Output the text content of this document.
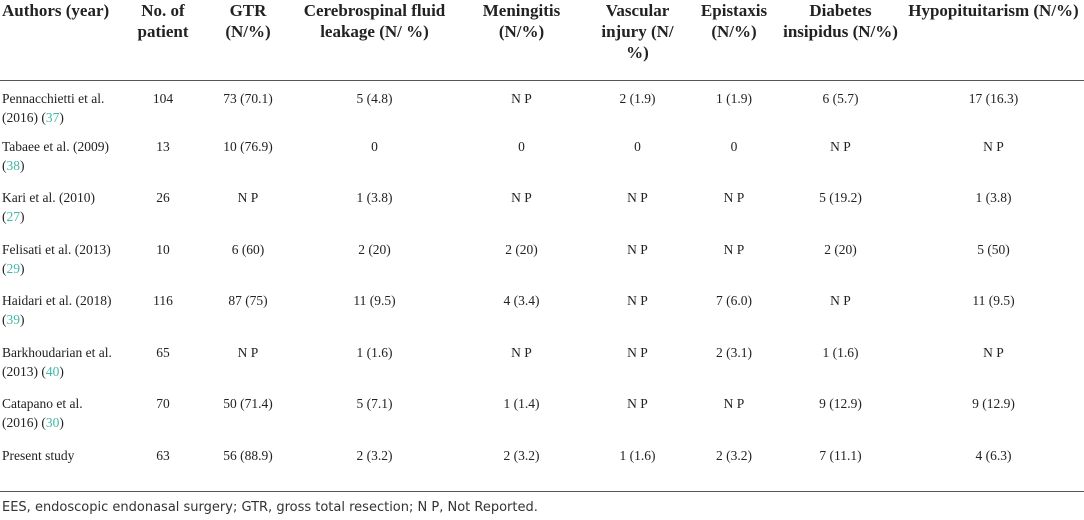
Authors (year)	No. of patient	GTR (N/%)	Cerebrospinal fluid leakage (N/ %)	Meningitis (N/%)	Vascular injury (N/ %)	Epistaxis (N/%)	Diabetes insipidus (N/%)	Hypopituitarism (N/%)
Pennacchietti et al. (2016) (37)	104	73 (70.1)	5 (4.8)	N P	2 (1.9)	1 (1.9)	6 (5.7)	17 (16.3)
Tabaee et al. (2009) (38)	13	10 (76.9)	0	0	0	0	N P	N P
Kari et al. (2010) (27)	26	N P	1 (3.8)	N P	N P	N P	5 (19.2)	1 (3.8)
Felisati et al. (2013) (29)	10	6 (60)	2 (20)	2 (20)	N P	N P	2 (20)	5 (50)
Haidari et al. (2018) (39)	116	87 (75)	11 (9.5)	4 (3.4)	N P	7 (6.0)	N P	11 (9.5)
Barkhoudarian et al. (2013) (40)	65	N P	1 (1.6)	N P	N P	2 (3.1)	1 (1.6)	N P
Catapano et al. (2016) (30)	70	50 (71.4)	5 (7.1)	1 (1.4)	N P	N P	9 (12.9)	9 (12.9)
Present study	63	56 (88.9)	2 (3.2)	2 (3.2)	1 (1.6)	2 (3.2)	7 (11.1)	4 (6.3)
EES, endoscopic endonasal surgery; GTR, gross total resection; N P, Not Reported.
